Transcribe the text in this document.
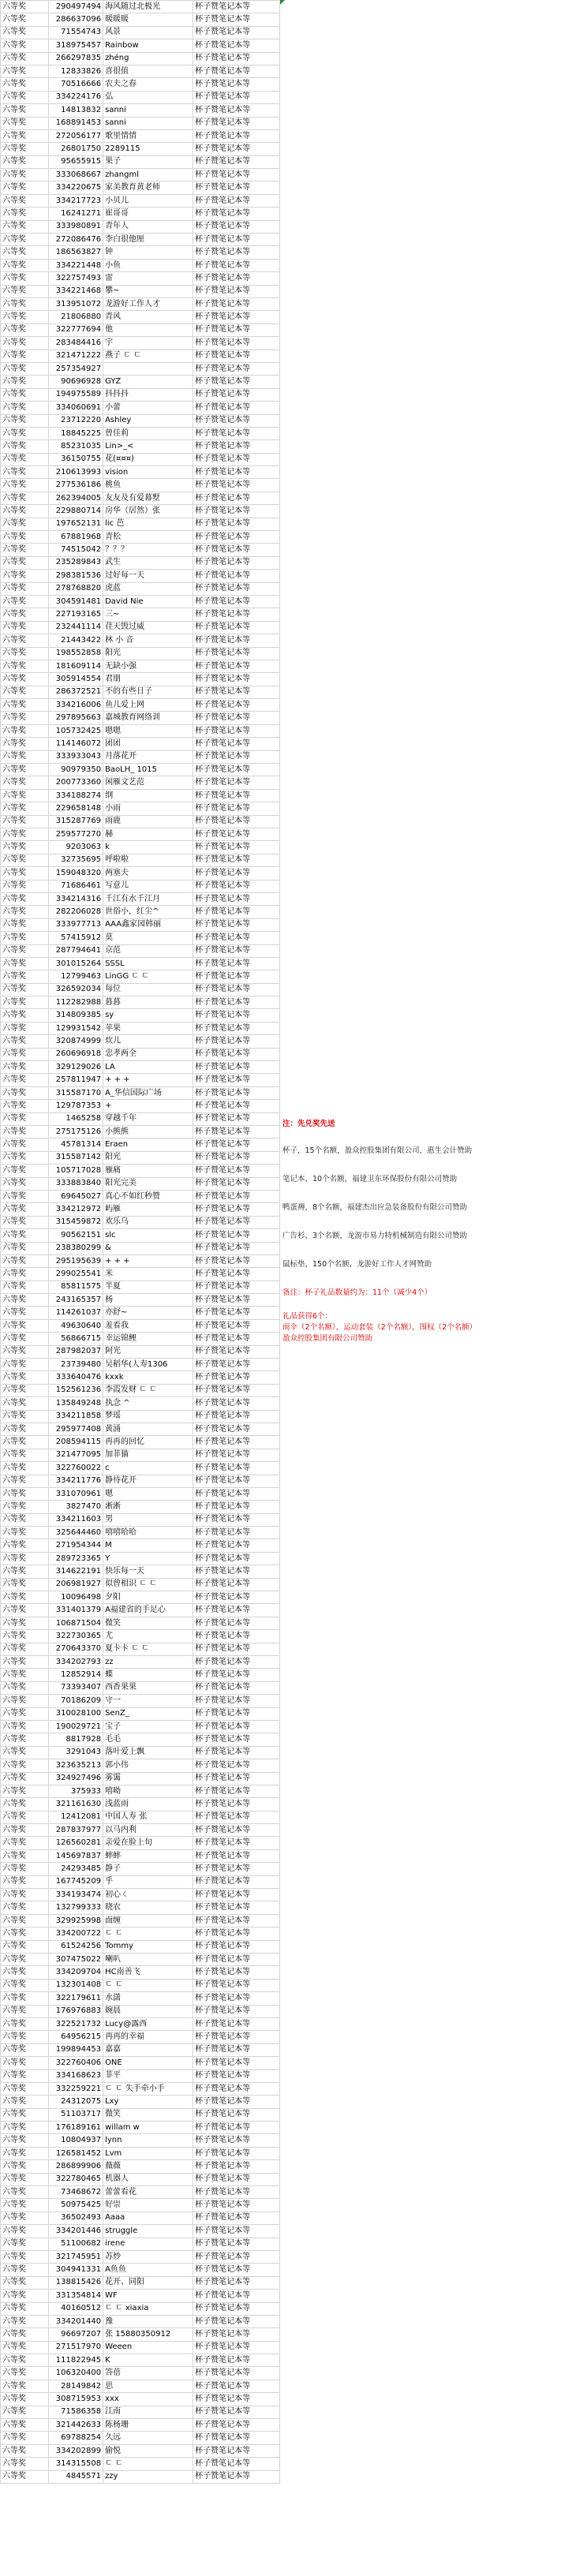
六等奖	290497494	海风随过北极光	杯子赞笔记本等
六等奖	286637096	暖暖暖	杯子赞笔记本等
六等奖	71554743	风景	杯子赞笔记本等
六等奖	318975457	Rainbow	杯子赞笔记本等
六等奖	266297835	zhéng	杯子赞笔记本等
六等奖	12833826	喜很值	杯子赞笔记本等
六等奖	70516666	农夫之春	杯子赞笔记本等
六等奖	334224176	弘	杯子赞笔记本等
六等奖	14813832	sanni	杯子赞笔记本等
六等奖	168891453	sanni	杯子赞笔记本等
六等奖	272056177	歌里情情	杯子赞笔记本等
六等奖	26801750	2289115	杯子赞笔记本等
六等奖	95655915	果子	杯子赞笔记本等
六等奖	333068667	zhangml	杯子赞笔记本等
六等奖	334220675	家美教育黄老师	杯子赞笔记本等
六等奖	334217723	小贝儿	杯子赞笔记本等
六等奖	16241271	崔哥哥	杯子赞笔记本等
六等奖	333980891	青年人	杯子赞笔记本等
六等奖	272086476	李白很他厘	杯子赞笔记本等
六等奖	186563827	钟	杯子赞笔记本等
六等奖	334221448	小鱼	杯子赞笔记本等
六等奖	322757493	雷	杯子赞笔记本等
六等奖	334221468	攀~	杯子赞笔记本等
六等奖	313951072	龙游好工作人才	杯子赞笔记本等
六等奖	21806880	青风	杯子赞笔记本等
六等奖	322777694	他	杯子赞笔记本等
六等奖	283484416	宇	杯子赞笔记本等
六等奖	321471222	燕子 ㄷ ㄷ	杯子赞笔记本等
六等奖	257354927		杯子赞笔记本等
六等奖	90696928	GYZ	杯子赞笔记本等
六等奖	194975589	抖抖抖	杯子赞笔记本等
六等奖	334060691	小蕾	杯子赞笔记本等
六等奖	23712220	Ashley	杯子赞笔记本等
六等奖	18845225	曾佳莉	杯子赞笔记本等
六等奖	85231035	Lin>_<	杯子赞笔记本等
六等奖	36150755	花(¤¤¤)	杯子赞笔记本等
六等奖	210613993	vision	杯子赞笔记本等
六等奖	277536186	桃鱼	杯子赞笔记本等
六等奖	262394005	友友及有爱幕墅	杯子赞笔记本等
六等奖	229880714	房华（居然）张	杯子赞笔记本等
六等奖	197652131	lic 芭	杯子赞笔记本等
六等奖	67881968	青松	杯子赞笔记本等
六等奖	74515042	？？？	杯子赞笔记本等
六等奖	235289843	武生	杯子赞笔记本等
六等奖	298381536	过好每一天	杯子赞笔记本等
六等奖	278768820	虎蓝	杯子赞笔记本等
六等奖	304591481	David Nie	杯子赞笔记本等
六等奖	227193165	三~	杯子赞笔记本等
六等奖	232441114	荏天毁过威	杯子赞笔记本等
六等奖	21443422	林 小 音	杯子赞笔记本等
六等奖	198552858	阳光	杯子赞笔记本等
六等奖	181609114	无缺小强	杯子赞笔记本等
六等奖	305914554	君朋	杯子赞笔记本等
六等奖	286372521	不的有些日子	杯子赞笔记本等
六等奖	334216006	鱼儿爱上网	杯子赞笔记本等
六等奖	297895663	嘉城教育网络训	杯子赞笔记本等
六等奖	105732425	嗯嗯	杯子赞笔记本等
六等奖	114146072	团团	杯子赞笔记本等
六等奖	333933043	月落花开	杯子赞笔记本等
六等奖	90979350	BaoLH_ 1015	杯子赞笔记本等
六等奖	200773360	闲雁文艺范	杯子赞笔记本等
六等奖	334188274	纲	杯子赞笔记本等
六等奖	229658148	小雨	杯子赞笔记本等
六等奖	315287769	雨鹿	杯子赞笔记本等
六等奖	259577270	赫	杯子赞笔记本等
六等奖	9203063	k	杯子赞笔记本等
六等奖	32735695	呼啦啦	杯子赞笔记本等
六等奖	159048320	两塞夫	杯子赞笔记本等
六等奖	71686461	写意儿	杯子赞笔记本等
六等奖	334214316	千江有水千江月	杯子赞笔记本等
六等奖	282206028	世俗小，红尘^	杯子赞笔记本等
六等奖	333977713	AAA鑫家园韩丽	杯子赞笔记本等
六等奖	57415912	莫	杯子赞笔记本等
六等奖	287794641	京范	杯子赞笔记本等
六等奖	301015264	SSSL	杯子赞笔记本等
六等奖	12799463	LinGG ㄷ ㄷ	杯子赞笔记本等
六等奖	326592034	每位	杯子赞笔记本等
六等奖	112282988	暮暮	杯子赞笔记本等
六等奖	314809385	sy	杯子赞笔记本等
六等奖	129931542	苹果	杯子赞笔记本等
六等奖	320874999	炊儿	杯子赞笔记本等
六等奖	260696918	忠孝两全	杯子赞笔记本等
六等奖	329129026	LA	杯子赞笔记本等
六等奖	257811947	+ + +	杯子赞笔记本等
六等奖	315587170	A_华信国际广场	杯子赞笔记本等
六等奖	129787353	+	杯子赞笔记本等
六等奖	1465258	穿越千年	杯子赞笔记本等
六等奖	275175126	小熊熊	杯子赞笔记本等
六等奖	45781314	Eraen	杯子赞笔记本等
六等奖	315587142	阳光	杯子赞笔记本等
六等奖	105717028	雁痛	杯子赞笔记本等
六等奖	333883840	阳光完美	杯子赞笔记本等
六等奖	69645027	真心不如红秒赞	杯子赞笔记本等
六等奖	334212972	屿雁	杯子赞笔记本等
六等奖	315459872	欢乐乌	杯子赞笔记本等
六等奖	90562151	slc	杯子赞笔记本等
六等奖	238380299	&	杯子赞笔记本等
六等奖	295195639	+ + +	杯子赞笔记本等
六等奖	299025541	米	杯子赞笔记本等
六等奖	85811575	半夏	杯子赞笔记本等
六等奖	243165357	杨	杯子赞笔记本等
六等奖	114261037	亦舒~	杯子赞笔记本等
六等奖	49630640	羞看我	杯子赞笔记本等
六等奖	56866715	幸运锦鲤	杯子赞笔记本等
六等奖	287982037	阿光	杯子赞笔记本等
六等奖	23739480	吴稻华(人寿1306	杯子赞笔记本等
六等奖	333640476	kxxk	杯子赞笔记本等
六等奖	152561236	李霞发财 ㄷ ㄷ	杯子赞笔记本等
六等奖	135849248	执念 ^	杯子赞笔记本等
六等奖	334211858	梦瑶	杯子赞笔记本等
六等奖	295977408	黄涌	杯子赞笔记本等
六等奖	208594115	再再的回忆	杯子赞笔记本等
六等奖	321477095	加菲猫	杯子赞笔记本等
六等奖	322760022	c	杯子赞笔记本等
六等奖	334211776	静待花开	杯子赞笔记本等
六等奖	331070961	嗯	杯子赞笔记本等
六等奖	3827470	淅淅	杯子赞笔记本等
六等奖	334211603	男	杯子赞笔记本等
六等奖	325644460	嘻嘻哈哈	杯子赞笔记本等
六等奖	271954344	M	杯子赞笔记本等
六等奖	289723365	Y	杯子赞笔记本等
六等奖	314622191	快乐每一天	杯子赞笔记本等
六等奖	206981927	似曾相识 ㄷ ㄷ	杯子赞笔记本等
六等奖	10096498	夕阳	杯子赞笔记本等
六等奖	331401379	A福建省的手足心	杯子赞笔记本等
六等奖	106871504	微笑	杯子赞笔记本等
六等奖	322730365	尤	杯子赞笔记本等
六等奖	270643370	夏卡卡 ㄷ ㄷ	杯子赞笔记本等
六等奖	334202793	zz	杯子赞笔记本等
六等奖	12852914	蝶	杯子赞笔记本等
六等奖	73393407	西香果果	杯子赞笔记本等
六等奖	70186209	守一	杯子赞笔记本等
六等奖	310028100	SenZ_	杯子赞笔记本等
六等奖	190029721	宝子	杯子赞笔记本等
六等奖	8817928	毛毛	杯子赞笔记本等
六等奖	3291043	落叶爱上飘	杯子赞笔记本等
六等奖	323635213	郭小伟	杯子赞笔记本等
六等奖	324927496	雾霭	杯子赞笔记本等
六等奖	375933	嘻呦	杯子赞笔记本等
六等奖	321161630	浅蓝雨	杯子赞笔记本等
六等奖	12412081	中国人寿 张	杯子赞笔记本等
六等奖	287837977	以马内利	杯子赞笔记本等
六等奖	126560281	亲爱在脸上旬	杯子赞笔记本等
六等奖	145697837	蟀蟀	杯子赞笔记本等
六等奖	24293485	静子	杯子赞笔记本等
六等奖	167745209	乎	杯子赞笔记本等
六等奖	334193474	初心ㄑ	杯子赞笔记本等
六等奖	132799333	晓农	杯子赞笔记本等
六等奖	329925998	面缠	杯子赞笔记本等
六等奖	334200722	ㄷ ㄷ	杯子赞笔记本等
六等奖	61524256	Tommy	杯子赞笔记本等
六等奖	307475022	喇叭	杯子赞笔记本等
六等奖	334209704	HC南善飞	杯子赞笔记本等
六等奖	132301408	ㄷ ㄷ	杯子赞笔记本等
六等奖	322179611	水潇	杯子赞笔记本等
六等奖	176976883	婉晨	杯子赞笔记本等
六等奖	322521732	Lucy@露西	杯子赞笔记本等
六等奖	64956215	再再的幸福	杯子赞笔记本等
六等奖	199894453	嘉嘉	杯子赞笔记本等
六等奖	322760406	ONE	杯子赞笔记本等
六等奖	334168623	菲平	杯子赞笔记本等
六等奖	332259221	ㄷ ㄷ 失手牵小手	杯子赞笔记本等
六等奖	24312075	Lxy	杯子赞笔记本等
六等奖	51103717	微笑	杯子赞笔记本等
六等奖	176189161	willam w	杯子赞笔记本等
六等奖	10804937	lynn	杯子赞笔记本等
六等奖	126581452	Lvm	杯子赞笔记本等
六等奖	286899906	薇薇	杯子赞笔记本等
六等奖	322780465	机器人	杯子赞笔记本等
六等奖	73468672	蕾蕾看花	杯子赞笔记本等
六等奖	50975425	好崇	杯子赞笔记本等
六等奖	36502493	Aaaa	杯子赞笔记本等
六等奖	334201446	struggle	杯子赞笔记本等
六等奖	51100682	irene	杯子赞笔记本等
六等奖	321745951	苏炒	杯子赞笔记本等
六等奖	304941331	A鱼鱼	杯子赞笔记本等
六等奖	138815426	花开、同阳	杯子赞笔记本等
六等奖	331354814	WF	杯子赞笔记本等
六等奖	40160512	ㄷ ㄷ xiaxia	杯子赞笔记本等
六等奖	334201440	豫	杯子赞笔记本等
六等奖	96697207	张 15880350912	杯子赞笔记本等
六等奖	271517970	Weeen	杯子赞笔记本等
六等奖	111822945	K	杯子赞笔记本等
六等奖	106320400	答蓓	杯子赞笔记本等
六等奖	28149842	思	杯子赞笔记本等
六等奖	308715953	xxx	杯子赞笔记本等
六等奖	71586358	江南	杯子赞笔记本等
六等奖	321442633	陈杨珊	杯子赞笔记本等
六等奖	69788254	久远	杯子赞笔记本等
六等奖	334202899	偷悦	杯子赞笔记本等
六等奖	314315508	ㄷ ㄷ	杯子赞笔记本等
六等奖	4845571	zzy	杯子赞笔记本等
注：先兑奖先送
杯子，15个名额，盈众控股集团有限公司，惠生会计赞助
笔记本，10个名额，福建卫东环保股份有限公司赞助
鸭蛋褥，8个名额，福建杰出应急装备股份有限公司赞助
广告杉，3个名额，龙游市易力特机械制造有限公司赞助
鼠标垫，150个名额，龙游好工作人才网赞助
备注：杯子礼品数量约为：11个（减少4个）
礼品获得6个：
雨伞（2个名额），运动套装（2个名额），围权（2个名额）
盈众控股集团有限公司赞助
